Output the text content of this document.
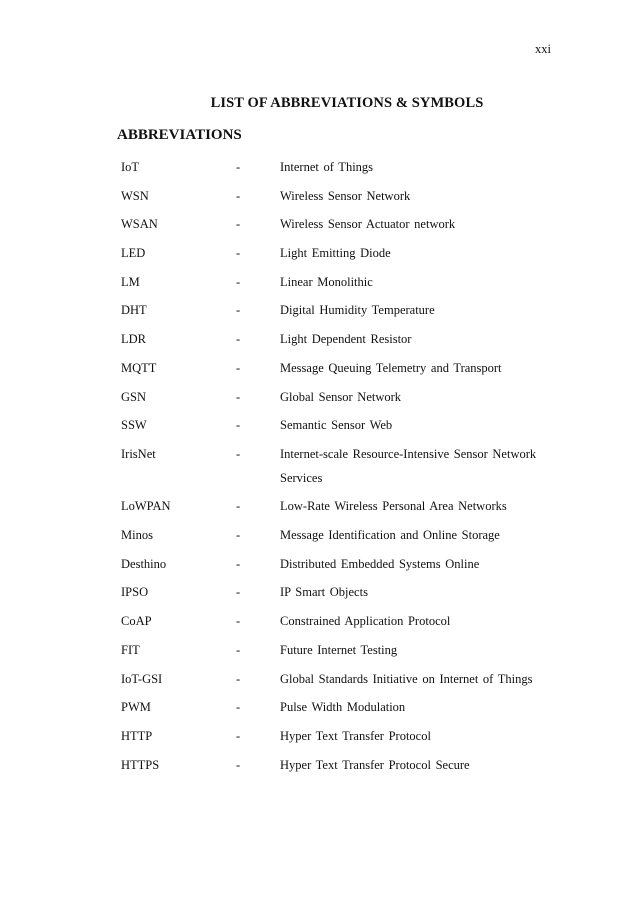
xxi
LIST OF ABBREVIATIONS & SYMBOLS
ABBREVIATIONS
IoT	-	Internet of Things
WSN	-	Wireless Sensor Network
WSAN	-	Wireless Sensor Actuator network
LED	-	Light Emitting Diode
LM	-	Linear Monolithic
DHT	-	Digital Humidity Temperature
LDR	-	Light Dependent Resistor
MQTT	-	Message Queuing Telemetry and Transport
GSN	-	Global Sensor Network
SSW	-	Semantic Sensor Web
IrisNet	-	Internet-scale Resource-Intensive Sensor Network Services
LoWPAN	-	Low-Rate Wireless Personal Area Networks
Minos	-	Message Identification and Online Storage
Desthino	-	Distributed Embedded Systems Online
IPSO	-	IP Smart Objects
CoAP	-	Constrained Application Protocol
FIT	-	Future Internet Testing
IoT-GSI	-	Global Standards Initiative on Internet of Things
PWM	-	Pulse Width Modulation
HTTP	-	Hyper Text Transfer Protocol
HTTPS	-	Hyper Text Transfer Protocol Secure
